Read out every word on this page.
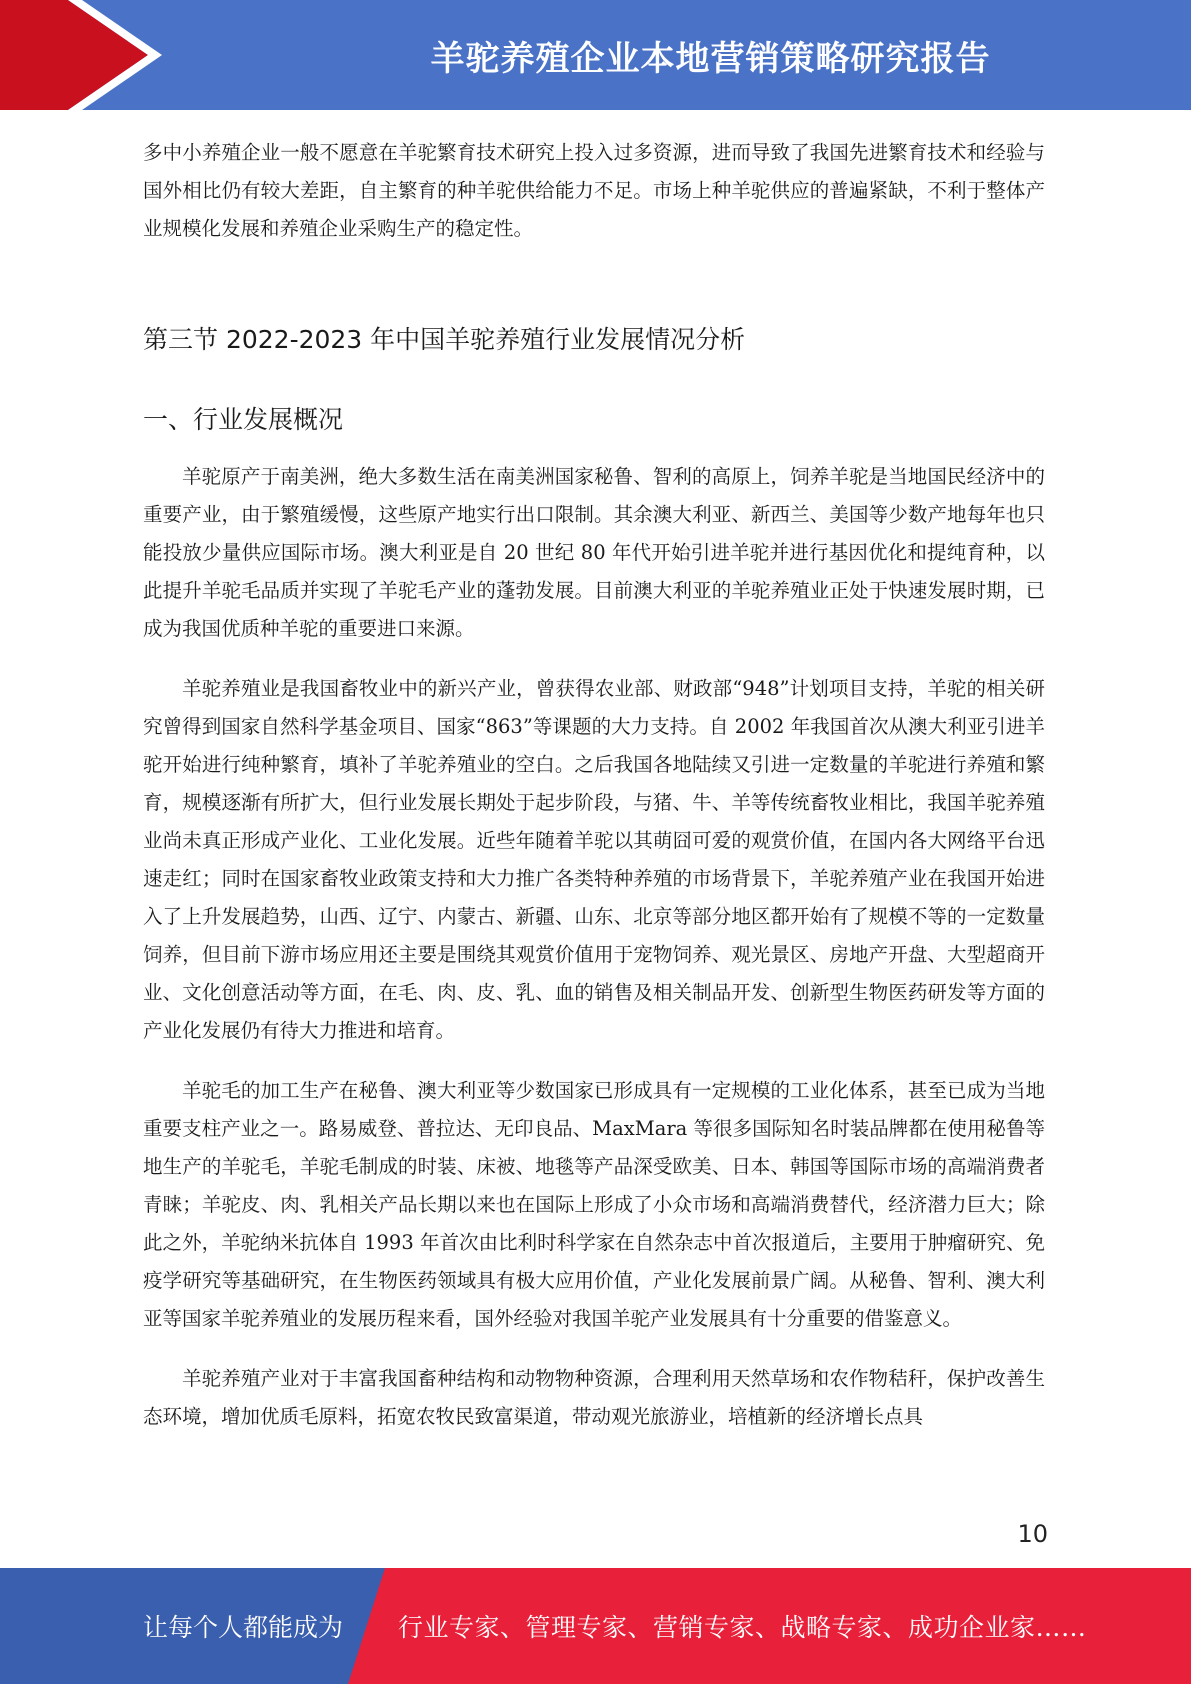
羊驼养殖企业本地营销策略研究报告

多中小养殖企业一般不愿意在羊驼繁育技术研究上投入过多资源，进而导致了我国先进繁育技术和经验与国外相比仍有较大差距，自主繁育的种羊驼供给能力不足。市场上种羊驼供应的普遍紧缺，不利于整体产业规模化发展和养殖企业采购生产的稳定性。

第三节 2022-2023 年中国羊驼养殖行业发展情况分析
一、行业发展概况

羊驼原产于南美洲，绝大多数生活在南美洲国家秘鲁、智利的高原上，饲养羊驼是当地国民经济中的重要产业，由于繁殖缓慢，这些原产地实行出口限制。其余澳大利亚、新西兰、美国等少数产地每年也只能投放少量供应国际市场。澳大利亚是自 20 世纪 80 年代开始引进羊驼并进行基因优化和提纯育种，以此提升羊驼毛品质并实现了羊驼毛产业的蓬勃发展。目前澳大利亚的羊驼养殖业正处于快速发展时期，已成为我国优质种羊驼的重要进口来源。

羊驼养殖业是我国畜牧业中的新兴产业，曾获得农业部、财政部“948”计划项目支持，羊驼的相关研究曾得到国家自然科学基金项目、国家“863”等课题的大力支持。自 2002 年我国首次从澳大利亚引进羊驼开始进行纯种繁育，填补了羊驼养殖业的空白。之后我国各地陆续又引进一定数量的羊驼进行养殖和繁育，规模逐渐有所扩大，但行业发展长期处于起步阶段，与猪、牛、羊等传统畜牧业相比，我国羊驼养殖业尚未真正形成产业化、工业化发展。近些年随着羊驼以其萌囧可爱的观赏价值，在国内各大网络平台迅速走红；同时在国家畜牧业政策支持和大力推广各类特种养殖的市场背景下，羊驼养殖产业在我国开始进入了上升发展趋势，山西、辽宁、内蒙古、新疆、山东、北京等部分地区都开始有了规模不等的一定数量饲养，但目前下游市场应用还主要是围绕其观赏价值用于宠物饲养、观光景区、房地产开盘、大型超商开业、文化创意活动等方面，在毛、肉、皮、乳、血的销售及相关制品开发、创新型生物医药研发等方面的产业化发展仍有待大力推进和培育。

羊驼毛的加工生产在秘鲁、澳大利亚等少数国家已形成具有一定规模的工业化体系，甚至已成为当地重要支柱产业之一。路易威登、普拉达、无印良品、MaxMara 等很多国际知名时装品牌都在使用秘鲁等地生产的羊驼毛，羊驼毛制成的时装、床被、地毯等产品深受欧美、日本、韩国等国际市场的高端消费者青睐；羊驼皮、肉、乳相关产品长期以来也在国际上形成了小众市场和高端消费替代，经济潜力巨大；除此之外，羊驼纳米抗体自 1993 年首次由比利时科学家在自然杂志中首次报道后，主要用于肿瘤研究、免疫学研究等基础研究，在生物医药领域具有极大应用价值，产业化发展前景广阔。从秘鲁、智利、澳大利亚等国家羊驼养殖业的发展历程来看，国外经验对我国羊驼产业发展具有十分重要的借鉴意义。

羊驼养殖产业对于丰富我国畜种结构和动物物种资源，合理利用天然草场和农作物秸秆，保护改善生态环境，增加优质毛原料，拓宽农牧民致富渠道，带动观光旅游业，培植新的经济增长点具

10
让每个人都能成为 行业专家、管理专家、营销专家、战略专家、成功企业家……
